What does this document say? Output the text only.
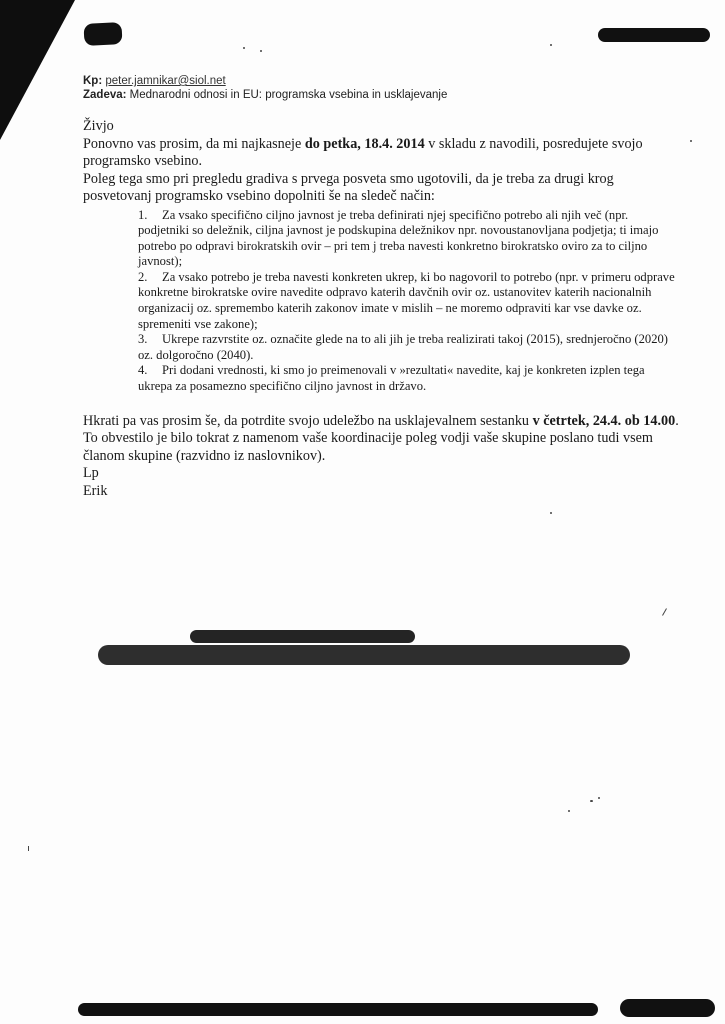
Kp: peter.jamnikar@siol.net
Zadeva: Mednarodni odnosi in EU: programska vsebina in usklajevanje

Živjo

Ponovno vas prosim, da mi najkasneje do petka, 18.4. 2014 v skladu z navodili, posredujete svojo programsko vsebino.

Poleg tega smo pri pregledu gradiva s prvega posveta smo ugotovili, da je treba za drugi krog posvetovanj programsko vsebino dopolniti še na sledeč način:

1. Za vsako specifično ciljno javnost je treba definirati njej specifično potrebo ali njih več (npr. podjetniki so deležnik, ciljna javnost je podskupina deležnikov npr. novoustanovljana podjetja; ti imajo potrebo po odpravi birokratskih ovir – pri tem j treba navesti konkretno birokratsko oviro za to ciljno javnost);
2. Za vsako potrebo je treba navesti konkreten ukrep, ki bo nagovoril to potrebo (npr. v primeru odprave konkretne birokratske ovire navedite odpravo katerih davčnih ovir oz. ustanovitev katerih nacionalnih organizacij oz. spremembo katerih zakonov imate v mislih – ne moremo odpraviti kar vse davke oz. spremeniti vse zakone);
3. Ukrepe razvrstite oz. označite glede na to ali jih je treba realizirati takoj (2015), srednjeročno (2020) oz. dolgoročno (2040).
4. Pri dodani vrednosti, ki smo jo preimenovali v »rezultati« navedite, kaj je konkreten izplen tega ukrepa za posamezno specifično ciljno javnost in državo.

Hkrati pa vas prosim še, da potrdite svojo udeležbo na usklajevalnem sestanku v četrtek, 24.4. ob 14.00.

To obvestilo je bilo tokrat z namenom vaše koordinacije poleg vodji vaše skupine poslano tudi vsem članom skupine (razvidno iz naslovnikov).

Lp

Erik
